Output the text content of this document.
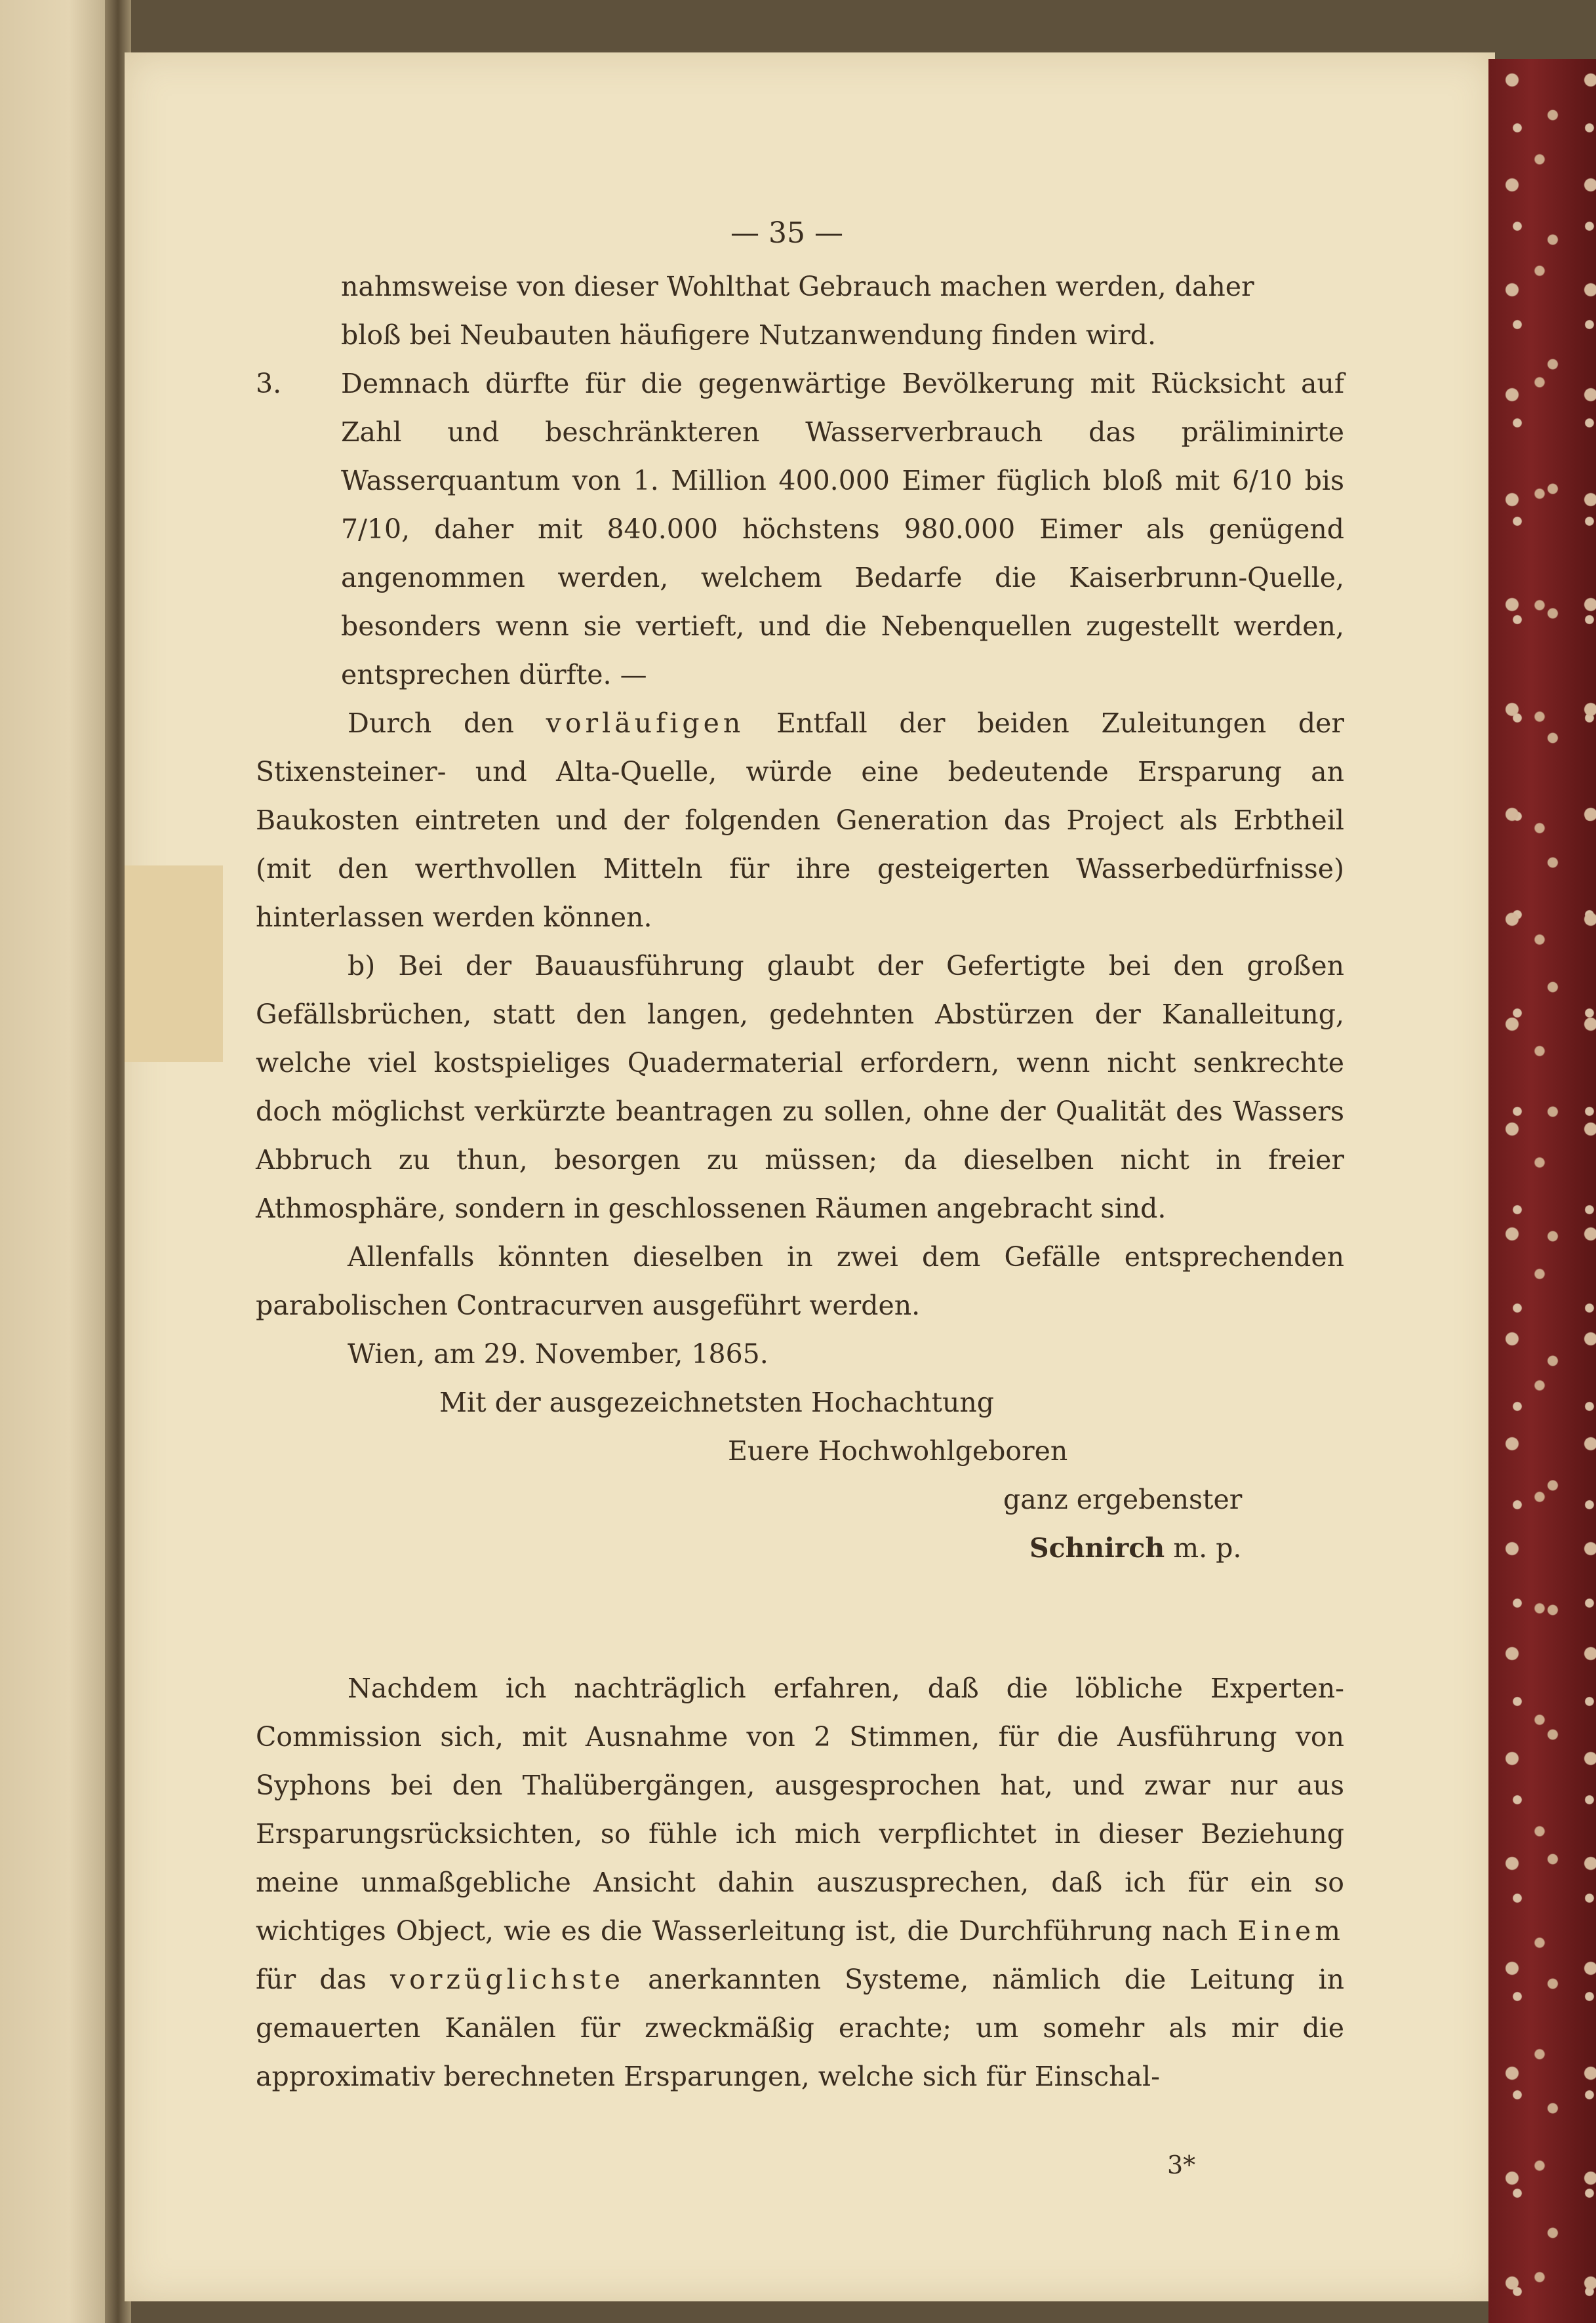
— 35 —

nahmsweise von dieser Wohlthat Gebrauch machen werden, daher

bloß bei Neubauten häufigere Nutzanwendung finden wird.

3. Demnach dürfte für die gegenwärtige Bevölkerung mit Rücksicht auf Zahl und beschränkteren Wasserverbrauch das präliminirte Wasserquantum von 1. Million 400.000 Eimer füglich bloß mit 6/10 bis 7/10, daher mit 840.000 höchstens 980.000 Eimer als genügend angenommen werden, welchem Bedarfe die Kaiserbrunn-Quelle, besonders wenn sie vertieft, und die Nebenquellen zugestellt werden, entsprechen dürfte. —

Durch den vorläufigen Entfall der beiden Zuleitungen der Stixensteiner- und Alta-Quelle, würde eine bedeutende Ersparung an Baukosten eintreten und der folgenden Generation das Project als Erbtheil (mit den werthvollen Mitteln für ihre gesteigerten Wasserbedürfnisse) hinterlassen werden können.

b) Bei der Bauausführung glaubt der Gefertigte bei den großen Gefällsbrüchen, statt den langen, gedehnten Abstürzen der Kanalleitung, welche viel kostspieliges Quadermaterial erfordern, wenn nicht senkrechte doch möglichst verkürzte beantragen zu sollen, ohne der Qualität des Wassers Abbruch zu thun, besorgen zu müssen; da dieselben nicht in freier Athmosphäre, sondern in geschlossenen Räumen angebracht sind.

Allenfalls könnten dieselben in zwei dem Gefälle entsprechenden parabolischen Contracurven ausgeführt werden.

Wien, am 29. November, 1865.

Mit der ausgezeichnetsten Hochachtung

Euere Hochwohlgeboren

ganz ergebenster

Schnirch m. p.

Nachdem ich nachträglich erfahren, daß die löbliche Experten-Commission sich, mit Ausnahme von 2 Stimmen, für die Ausführung von Syphons bei den Thalübergängen, ausgesprochen hat, und zwar nur aus Ersparungsrücksichten, so fühle ich mich verpflichtet in dieser Beziehung meine unmaßgebliche Ansicht dahin auszusprechen, daß ich für ein so wichtiges Object, wie es die Wasserleitung ist, die Durchführung nach Einem für das vorzüglichste anerkannten Systeme, nämlich die Leitung in gemauerten Kanälen für zweckmäßig erachte; um somehr als mir die approximativ berechneten Ersparungen, welche sich für Einschal-

3*
